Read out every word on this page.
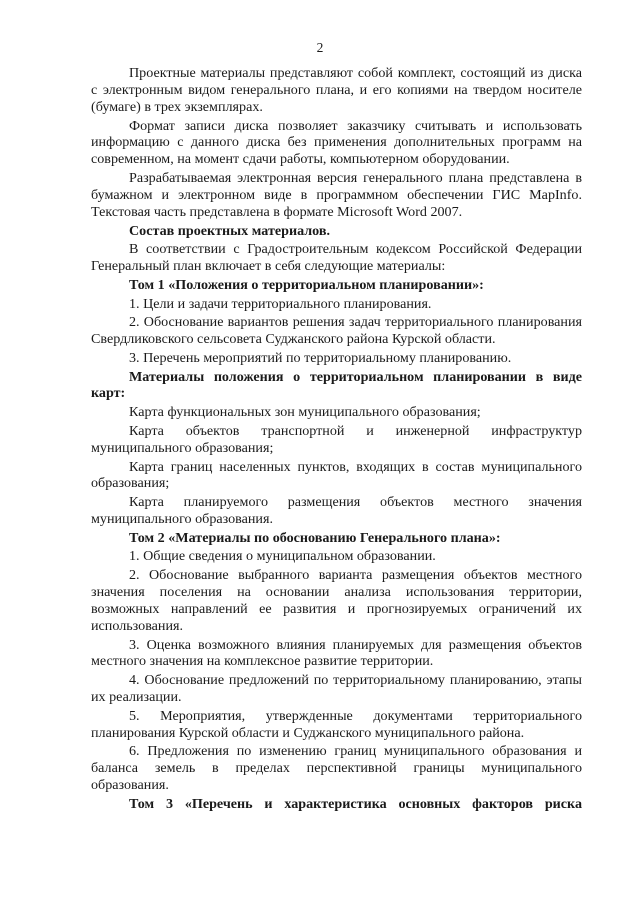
2

Проектные материалы представляют собой комплект, состоящий из диска с электронным видом генерального плана, и его копиями на твердом носителе (бумаге) в трех экземплярах.

Формат записи диска позволяет заказчику считывать и использовать информацию с данного диска без применения дополнительных программ на современном, на момент сдачи работы, компьютерном оборудовании.

Разрабатываемая электронная версия генерального плана представлена в бумажном и электронном виде в программном обеспечении ГИС MapInfo. Текстовая часть представлена в формате Microsoft Word 2007.

Состав проектных материалов.

В соответствии с Градостроительным кодексом Российской Федерации Генеральный план включает в себя следующие материалы:

Том 1 «Положения о территориальном планировании»:

1. Цели и задачи территориального планирования.

2. Обоснование вариантов решения задач территориального планирования Свердликовского сельсовета Суджанского района Курской области.

3. Перечень мероприятий по территориальному планированию.

Материалы положения о территориальном планировании в виде карт:

Карта функциональных зон муниципального образования;

Карта объектов транспортной и инженерной инфраструктур муниципального образования;

Карта границ населенных пунктов, входящих в состав муниципального образования;

Карта планируемого размещения объектов местного значения муниципального образования.

Том 2 «Материалы по обоснованию Генерального плана»:

1. Общие сведения о муниципальном образовании.

2. Обоснование выбранного варианта размещения объектов местного значения поселения на основании анализа использования территории, возможных направлений ее развития и прогнозируемых ограничений их использования.

3. Оценка возможного влияния планируемых для размещения объектов местного значения на комплексное развитие территории.

4. Обоснование предложений по территориальному планированию, этапы их реализации.

5. Мероприятия, утвержденные документами территориального планирования Курской области и Суджанского муниципального района.

6. Предложения по изменению границ муниципального образования и баланса земель в пределах перспективной границы муниципального образования.

Том 3 «Перечень и характеристика основных факторов риска
